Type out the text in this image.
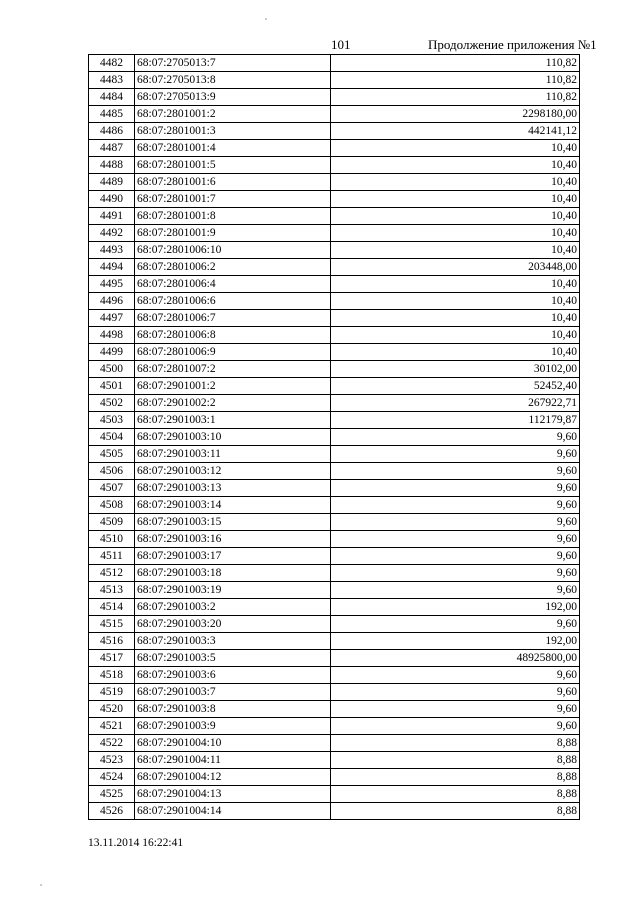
101	Продолжение приложения №1
4482	68:07:2705013:7	110,82
4483	68:07:2705013:8	110,82
4484	68:07:2705013:9	110,82
4485	68:07:2801001:2	2298180,00
4486	68:07:2801001:3	442141,12
4487	68:07:2801001:4	10,40
4488	68:07:2801001:5	10,40
4489	68:07:2801001:6	10,40
4490	68:07:2801001:7	10,40
4491	68:07:2801001:8	10,40
4492	68:07:2801001:9	10,40
4493	68:07:2801006:10	10,40
4494	68:07:2801006:2	203448,00
4495	68:07:2801006:4	10,40
4496	68:07:2801006:6	10,40
4497	68:07:2801006:7	10,40
4498	68:07:2801006:8	10,40
4499	68:07:2801006:9	10,40
4500	68:07:2801007:2	30102,00
4501	68:07:2901001:2	52452,40
4502	68:07:2901002:2	267922,71
4503	68:07:2901003:1	112179,87
4504	68:07:2901003:10	9,60
4505	68:07:2901003:11	9,60
4506	68:07:2901003:12	9,60
4507	68:07:2901003:13	9,60
4508	68:07:2901003:14	9,60
4509	68:07:2901003:15	9,60
4510	68:07:2901003:16	9,60
4511	68:07:2901003:17	9,60
4512	68:07:2901003:18	9,60
4513	68:07:2901003:19	9,60
4514	68:07:2901003:2	192,00
4515	68:07:2901003:20	9,60
4516	68:07:2901003:3	192,00
4517	68:07:2901003:5	48925800,00
4518	68:07:2901003:6	9,60
4519	68:07:2901003:7	9,60
4520	68:07:2901003:8	9,60
4521	68:07:2901003:9	9,60
4522	68:07:2901004:10	8,88
4523	68:07:2901004:11	8,88
4524	68:07:2901004:12	8,88
4525	68:07:2901004:13	8,88
4526	68:07:2901004:14	8,88
13.11.2014 16:22:41
